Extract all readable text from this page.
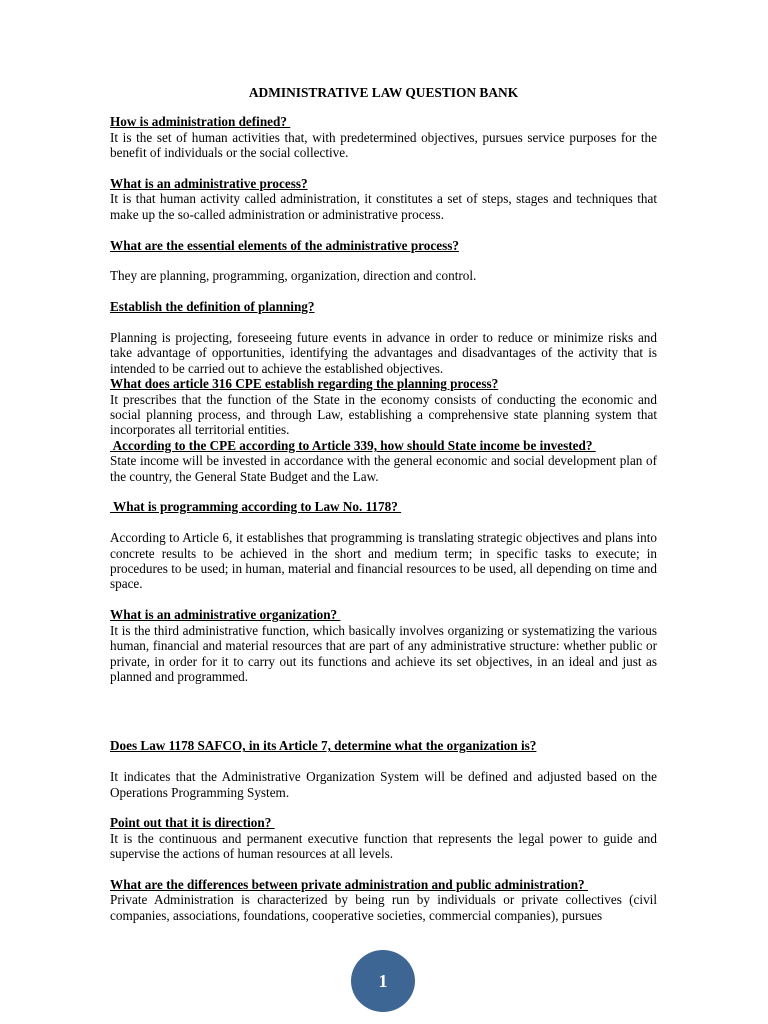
ADMINISTRATIVE LAW QUESTION BANK
How is administration defined?
It is the set of human activities that, with predetermined objectives, pursues service purposes for the benefit of individuals or the social collective.
What is an administrative process?
It is that human activity called administration, it constitutes a set of steps, stages and techniques that make up the so-called administration or administrative process.
What are the essential elements of the administrative process?
They are planning, programming, organization, direction and control.
Establish the definition of planning?
Planning is projecting, foreseeing future events in advance in order to reduce or minimize risks and take advantage of opportunities, identifying the advantages and disadvantages of the activity that is intended to be carried out to achieve the established objectives.
What does article 316 CPE establish regarding the planning process?
It prescribes that the function of the State in the economy consists of conducting the economic and social planning process, and through Law, establishing a comprehensive state planning system that incorporates all territorial entities.
According to the CPE according to Article 339, how should State income be invested?
State income will be invested in accordance with the general economic and social development plan of the country, the General State Budget and the Law.
What is programming according to Law No. 1178?
According to Article 6, it establishes that programming is translating strategic objectives and plans into concrete results to be achieved in the short and medium term; in specific tasks to execute; in procedures to be used; in human, material and financial resources to be used, all depending on time and space.
What is an administrative organization?
It is the third administrative function, which basically involves organizing or systematizing the various human, financial and material resources that are part of any administrative structure: whether public or private, in order for it to carry out its functions and achieve its set objectives, in an ideal and just as planned and programmed.
Does Law 1178 SAFCO, in its Article 7, determine what the organization is?
It indicates that the Administrative Organization System will be defined and adjusted based on the Operations Programming System.
Point out that it is direction?
It is the continuous and permanent executive function that represents the legal power to guide and supervise the actions of human resources at all levels.
What are the differences between private administration and public administration?
Private Administration is characterized by being run by individuals or private collectives (civil companies, associations, foundations, cooperative societies, commercial companies), pursues
1
